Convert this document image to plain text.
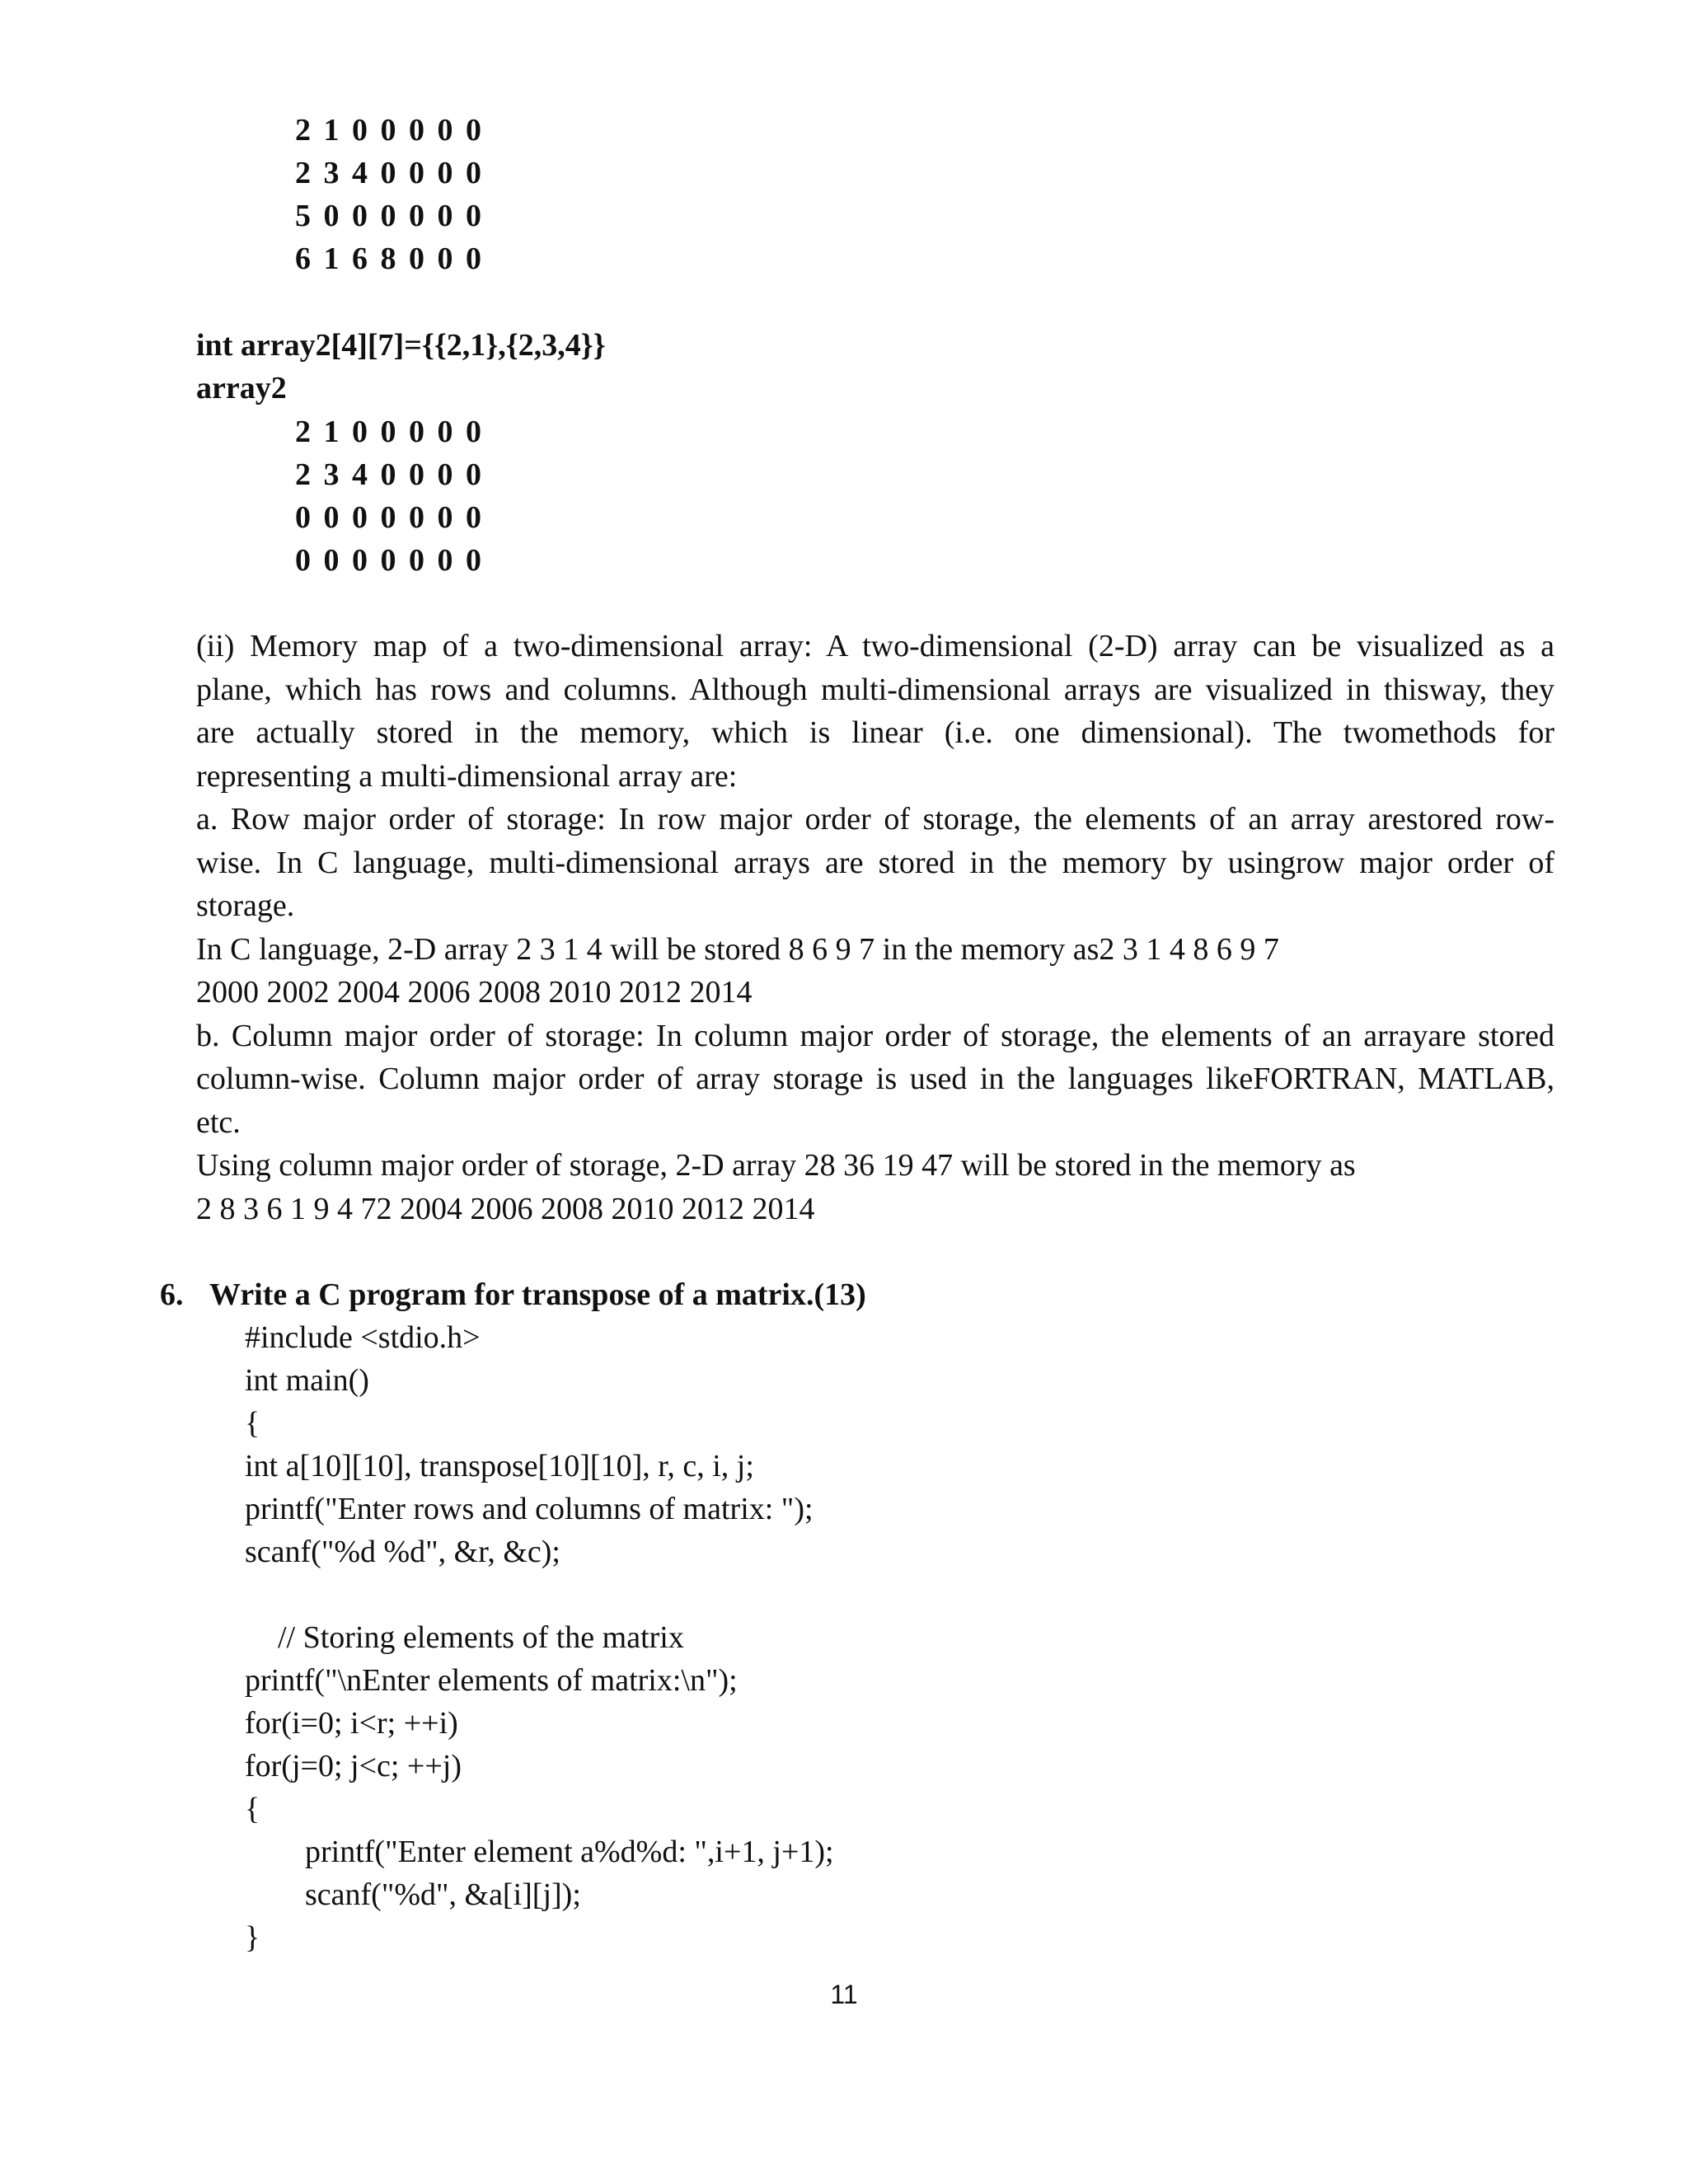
2 1 0 0 0 0 0
2 3 4 0 0 0 0
5 0 0 0 0 0 0
6 1 6 8 0 0 0
int array2[4][7]={{2,1},{2,3,4}}
array2
2 1 0 0 0 0 0
2 3 4 0 0 0 0
0 0 0 0 0 0 0
0 0 0 0 0 0 0
(ii) Memory map of a two-dimensional array: A two-dimensional (2-D) array can be visualized as a
plane, which has rows and columns. Although multi-dimensional arrays are visualized in thisway, they
are actually stored in the memory, which is linear (i.e. one dimensional). The twomethods for
representing a multi-dimensional array are:
a. Row major order of storage: In row major order of storage, the elements of an array arestored row-
wise. In C language, multi-dimensional arrays are stored in the memory by usingrow major order of
storage.
In C language, 2-D array 2 3 1 4 will be stored 8 6 9 7 in the memory as2 3 1 4 8 6 9 7
2000 2002 2004 2006 2008 2010 2012 2014
b. Column major order of storage: In column major order of storage, the elements of an arrayare stored
column-wise. Column major order of array storage is used in the languages likeFORTRAN, MATLAB,
etc.
Using column major order of storage, 2-D array 28 36 19 47 will be stored in the memory as
2 8 3 6 1 9 4 72 2004 2006 2008 2010 2012 2014
6. Write a C program for transpose of a matrix.(13)
#include <stdio.h>
int main()
{
int a[10][10], transpose[10][10], r, c, i, j;
printf("Enter rows and columns of matrix: ");
scanf("%d %d", &r, &c);
// Storing elements of the matrix
printf("\nEnter elements of matrix:\n");
for(i=0; i<r; ++i)
for(j=0; j<c; ++j)
{
printf("Enter element a%d%d: ",i+1, j+1);
scanf("%d", &a[i][j]);
}
11
